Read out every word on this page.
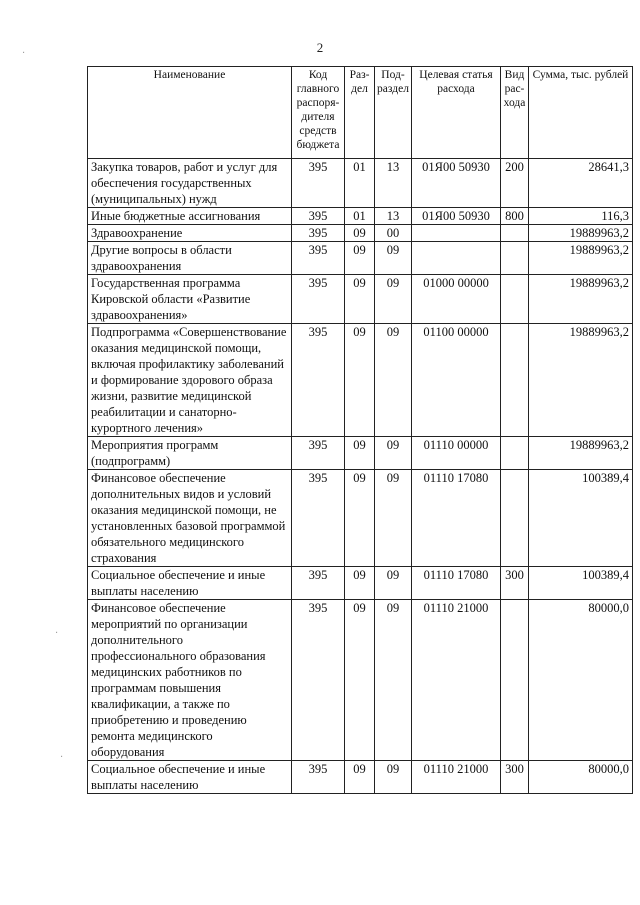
2
·
·
·
Наименование	Код главного распоря-дителя средств бюджета	Раз-дел	Под-раздел	Целевая статья расхода	Вид рас-хода	Сумма, тыс. рублей
Закупка товаров, работ и услуг для обеспечения государственных (муниципальных) нужд	395	01	13	01Я00 50930	200	28641,3
Иные бюджетные ассигнования	395	01	13	01Я00 50930	800	116,3
Здравоохранение	395	09	00			19889963,2
Другие вопросы в области здравоохранения	395	09	09			19889963,2
Государственная программа Кировской области «Развитие здравоохранения»	395	09	09	01000 00000		19889963,2
Подпрограмма «Совершенствование оказания медицинской помощи, включая профилактику заболеваний и формирование здорового образа жизни, развитие медицинской реабилитации и санаторно-курортного лечения»	395	09	09	01100 00000		19889963,2
Мероприятия программ (подпрограмм)	395	09	09	01110 00000		19889963,2
Финансовое обеспечение дополнительных видов и условий оказания медицинской помощи, не установленных базовой программой обязательного медицинского страхования	395	09	09	01110 17080		100389,4
Социальное обеспечение и иные выплаты населению	395	09	09	01110 17080	300	100389,4
Финансовое обеспечение мероприятий по организации дополнительного профессионального образования медицинских работников по программам повышения квалификации, а также по приобретению и проведению ремонта медицинского оборудования	395	09	09	01110 21000		80000,0
Социальное обеспечение и иные выплаты населению	395	09	09	01110 21000	300	80000,0
